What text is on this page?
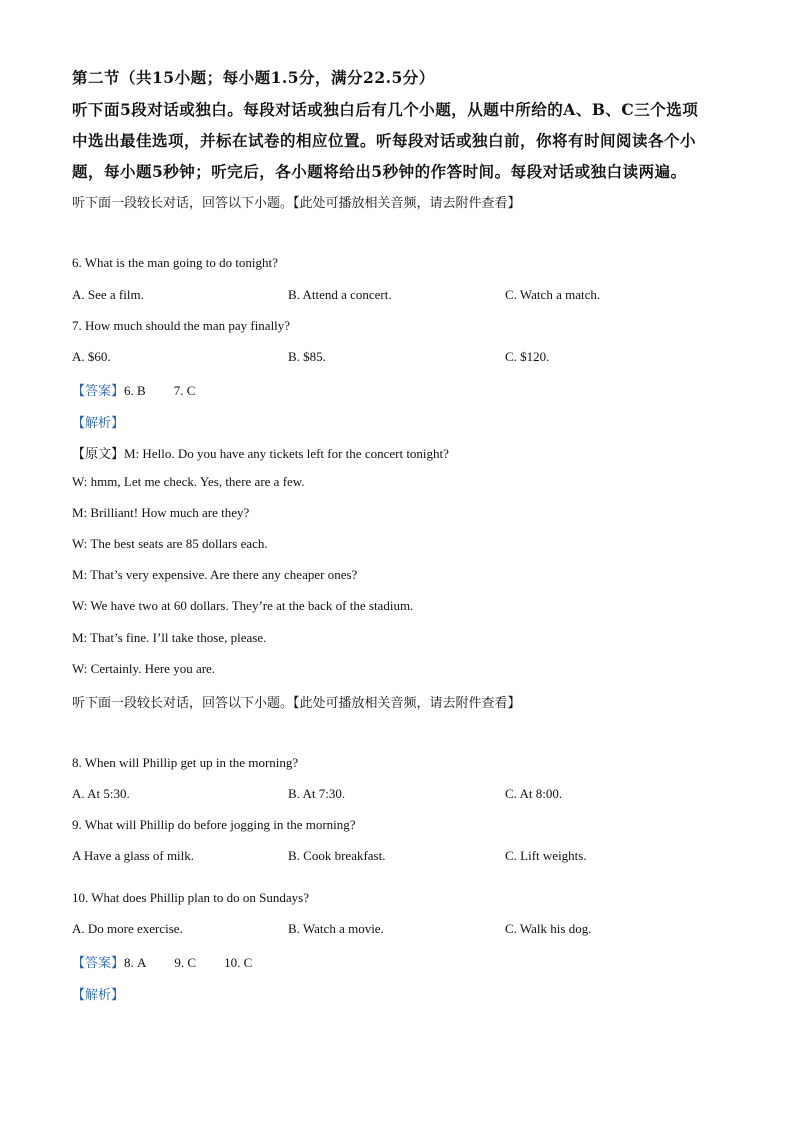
第二节（共15小题；每小题1.5分，满分22.5分）
听下面5段对话或独白。每段对话或独白后有几个小题，从题中所给的A、B、C三个选项
中选出最佳选项，并标在试卷的相应位置。听每段对话或独白前，你将有时间阅读各个小
题，每小题5秒钟；听完后，各小题将给出5秒钟的作答时间。每段对话或独白读两遍。
听下面一段较长对话，回答以下小题。【此处可播放相关音频，请去附件查看】
6. What is the man going to do tonight?
A. See a film.	B. Attend a concert.	C. Watch a match.
7. How much should the man pay finally?
A. $60.	B. $85.	C. $120.
【答案】6. B 7. C
【解析】
【原文】M: Hello. Do you have any tickets left for the concert tonight?
W: hmm, Let me check. Yes, there are a few.
M: Brilliant! How much are they?
W: The best seats are 85 dollars each.
M: That’s very expensive. Are there any cheaper ones?
W: We have two at 60 dollars. They’re at the back of the stadium.
M: That’s fine. I’ll take those, please.
W: Certainly. Here you are.
听下面一段较长对话，回答以下小题。【此处可播放相关音频，请去附件查看】
8. When will Phillip get up in the morning?
A. At 5:30.	B. At 7:30.	C. At 8:00.
9. What will Phillip do before jogging in the morning?
A Have a glass of milk.	B. Cook breakfast.	C. Lift weights.
10. What does Phillip plan to do on Sundays?
A. Do more exercise.	B. Watch a movie.	C. Walk his dog.
【答案】8. A 9. C 10. C
【解析】
